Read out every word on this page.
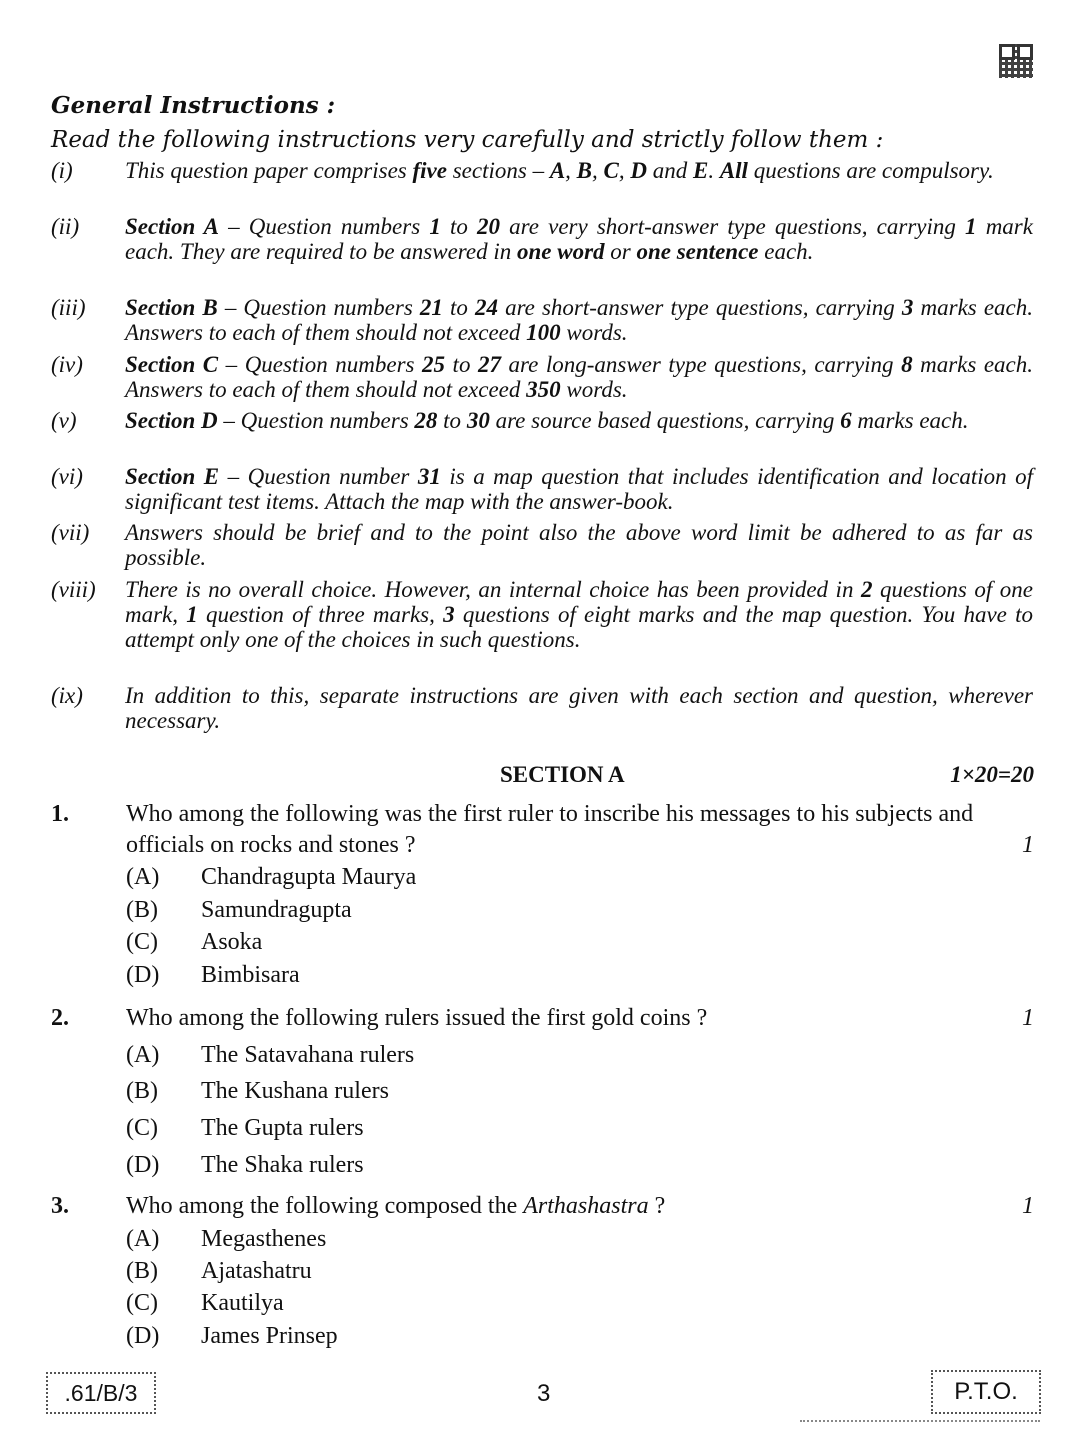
General Instructions :
Read the following instructions very carefully and strictly follow them :
(i) This question paper comprises five sections – A, B, C, D and E. All questions are compulsory.
(ii) Section A – Question numbers 1 to 20 are very short-answer type questions, carrying 1 mark each. They are required to be answered in one word or one sentence each.
(iii) Section B – Question numbers 21 to 24 are short-answer type questions, carrying 3 marks each. Answers to each of them should not exceed 100 words.
(iv) Section C – Question numbers 25 to 27 are long-answer type questions, carrying 8 marks each. Answers to each of them should not exceed 350 words.
(v) Section D – Question numbers 28 to 30 are source based questions, carrying 6 marks each.
(vi) Section E – Question number 31 is a map question that includes identification and location of significant test items. Attach the map with the answer-book.
(vii) Answers should be brief and to the point also the above word limit be adhered to as far as possible.
(viii) There is no overall choice. However, an internal choice has been provided in 2 questions of one mark, 1 question of three marks, 3 questions of eight marks and the map question. You have to attempt only one of the choices in such questions.
(ix) In addition to this, separate instructions are given with each section and question, wherever necessary.
SECTION A	1×20=20
1. Who among the following was the first ruler to inscribe his messages to his subjects and officials on rocks and stones ?	1
(A) Chandragupta Maurya
(B) Samundragupta
(C) Asoka
(D) Bimbisara
2. Who among the following rulers issued the first gold coins ?	1
(A) The Satavahana rulers
(B) The Kushana rulers
(C) The Gupta rulers
(D) The Shaka rulers
3. Who among the following composed the Arthashastra ?	1
(A) Megasthenes
(B) Ajatashatru
(C) Kautilya
(D) James Prinsep
.61/B/3	3	P.T.O.
